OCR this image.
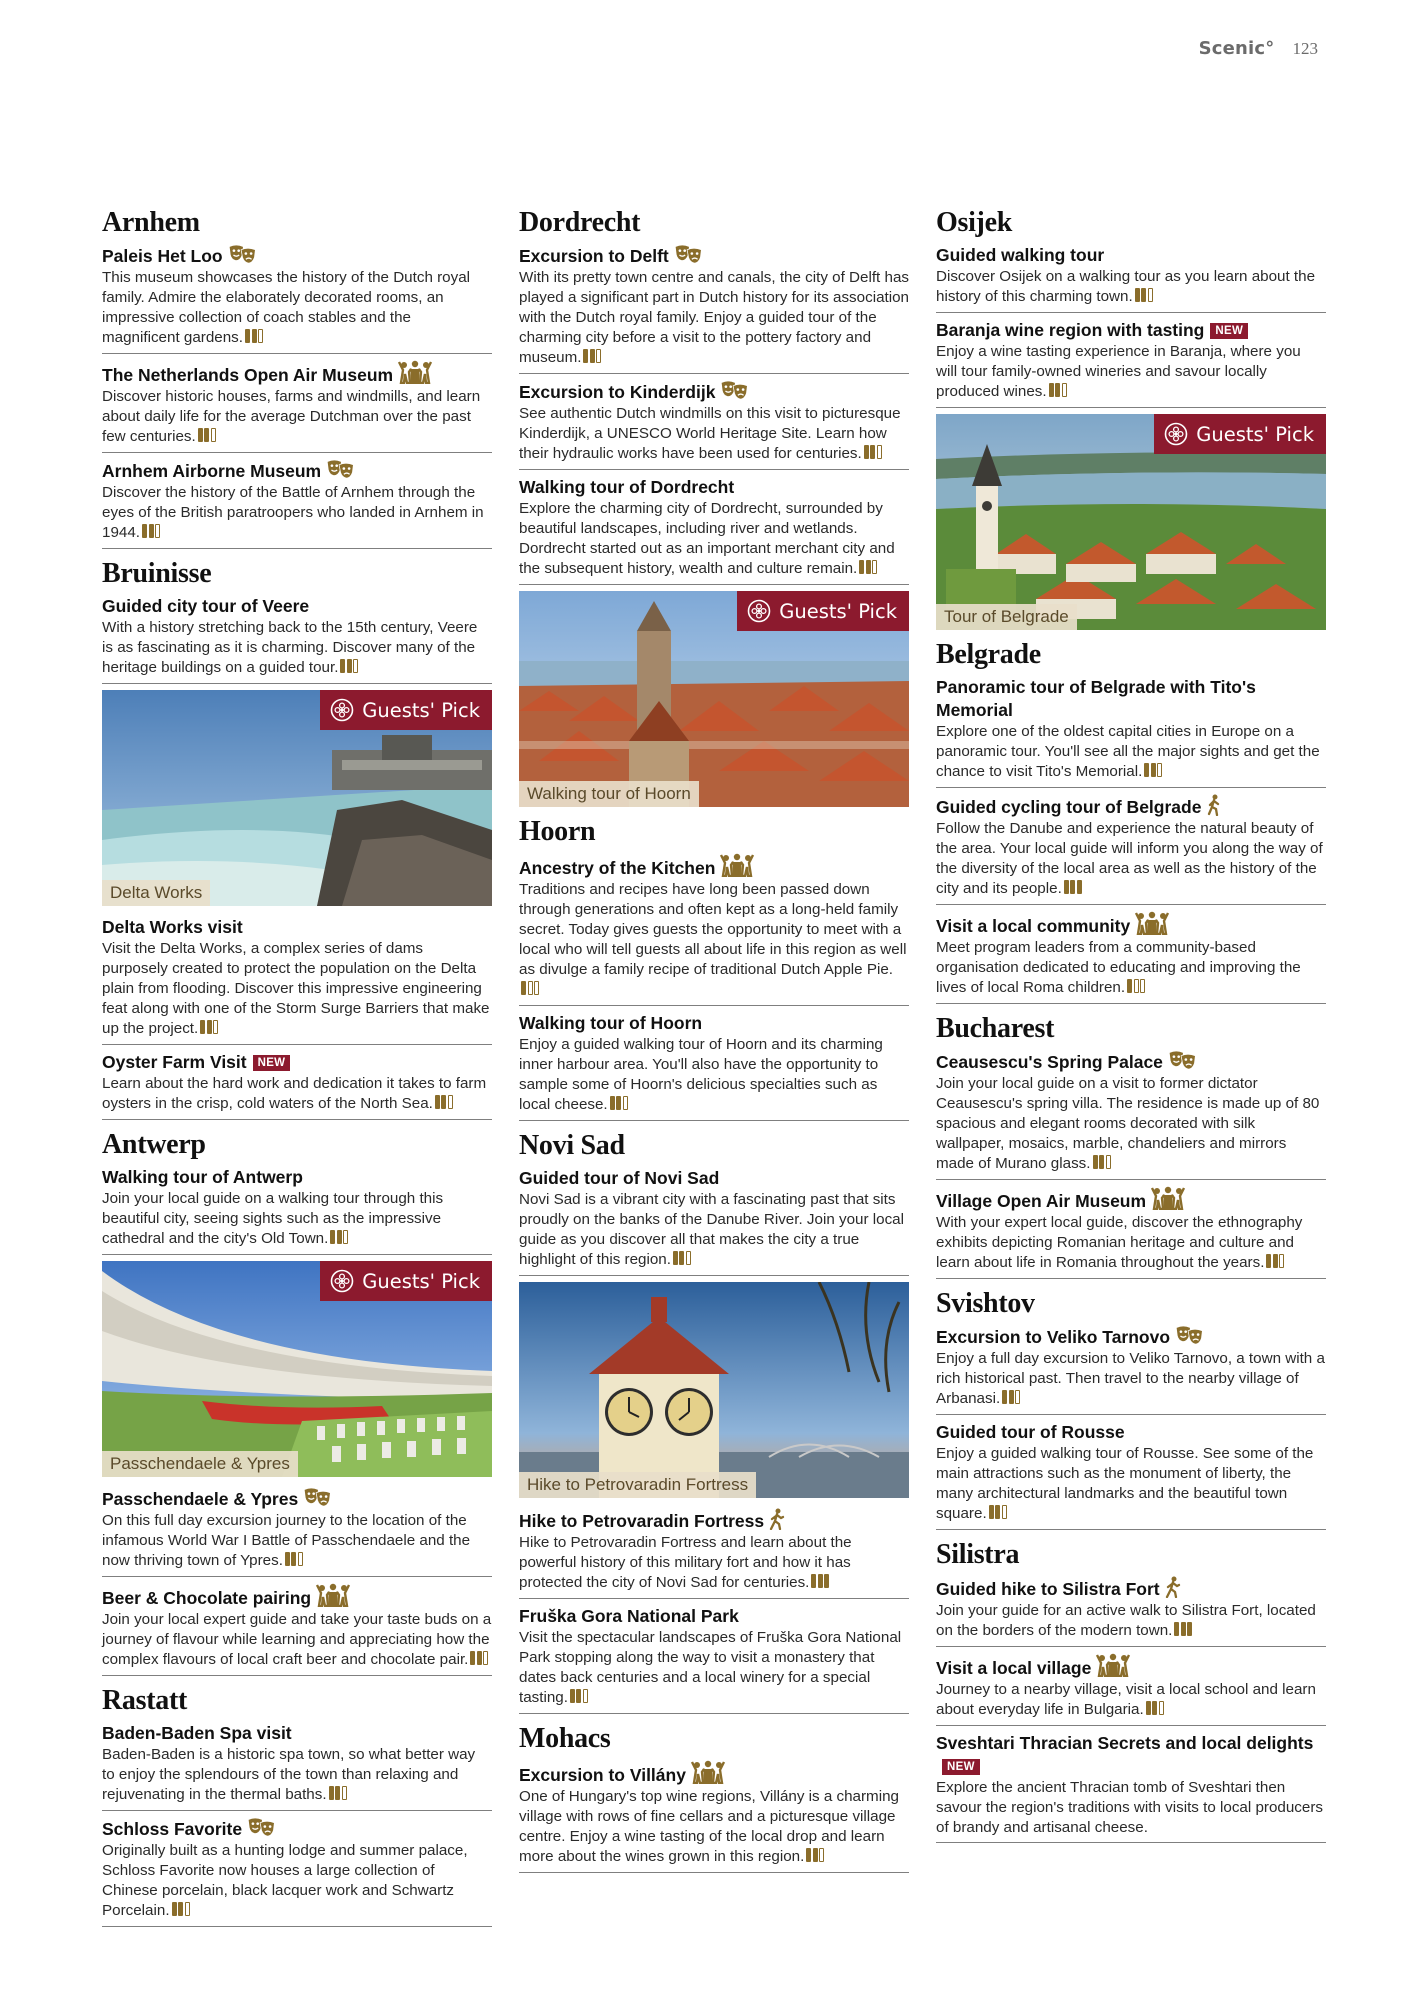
Scenic° 123
Arnhem
Paleis Het Loo
This museum showcases the history of the Dutch royal family. Admire the elaborately decorated rooms, an impressive collection of coach stables and the magnificent gardens.
The Netherlands Open Air Museum
Discover historic houses, farms and windmills, and learn about daily life for the average Dutchman over the past few centuries.
Arnhem Airborne Museum
Discover the history of the Battle of Arnhem through the eyes of the British paratroopers who landed in Arnhem in 1944.
Bruinisse
Guided city tour of Veere
With a history stretching back to the 15th century, Veere is as fascinating as it is charming. Discover many of the heritage buildings on a guided tour.
Guests' Pick
Delta Works
Delta Works visit
Visit the Delta Works, a complex series of dams purposely created to protect the population on the Delta plain from flooding. Discover this impressive engineering feat along with one of the Storm Surge Barriers that make up the project.
Oyster Farm Visit NEW
Learn about the hard work and dedication it takes to farm oysters in the crisp, cold waters of the North Sea.
Antwerp
Walking tour of Antwerp
Join your local guide on a walking tour through this beautiful city, seeing sights such as the impressive cathedral and the city's Old Town.
Guests' Pick
Passchendaele & Ypres
Passchendaele & Ypres
On this full day excursion journey to the location of the infamous World War I Battle of Passchendaele and the now thriving town of Ypres.
Beer & Chocolate pairing
Join your local expert guide and take your taste buds on a journey of flavour while learning and appreciating how the complex flavours of local craft beer and chocolate pair.
Rastatt
Baden-Baden Spa visit
Baden-Baden is a historic spa town, so what better way to enjoy the splendours of the town than relaxing and rejuvenating in the thermal baths.
Schloss Favorite
Originally built as a hunting lodge and summer palace, Schloss Favorite now houses a large collection of Chinese porcelain, black lacquer work and Schwartz Porcelain.
Dordrecht
Excursion to Delft
With its pretty town centre and canals, the city of Delft has played a significant part in Dutch history for its association with the Dutch royal family. Enjoy a guided tour of the charming city before a visit to the pottery factory and museum.
Excursion to Kinderdijk
See authentic Dutch windmills on this visit to picturesque Kinderdijk, a UNESCO World Heritage Site. Learn how their hydraulic works have been used for centuries.
Walking tour of Dordrecht
Explore the charming city of Dordrecht, surrounded by beautiful landscapes, including river and wetlands. Dordrecht started out as an important merchant city and the subsequent history, wealth and culture remain.
Guests' Pick
Walking tour of Hoorn
Hoorn
Ancestry of the Kitchen
Traditions and recipes have long been passed down through generations and often kept as a long-held family secret. Today gives guests the opportunity to meet with a local who will tell guests all about life in this region as well as divulge a family recipe of traditional Dutch Apple Pie.
Walking tour of Hoorn
Enjoy a guided walking tour of Hoorn and its charming inner harbour area. You'll also have the opportunity to sample some of Hoorn's delicious specialties such as local cheese.
Novi Sad
Guided tour of Novi Sad
Novi Sad is a vibrant city with a fascinating past that sits proudly on the banks of the Danube River. Join your local guide as you discover all that makes the city a true highlight of this region.
Hike to Petrovaradin Fortress
Hike to Petrovaradin Fortress
Hike to Petrovaradin Fortress and learn about the powerful history of this military fort and how it has protected the city of Novi Sad for centuries.
Fruška Gora National Park
Visit the spectacular landscapes of Fruška Gora National Park stopping along the way to visit a monastery that dates back centuries and a local winery for a special tasting.
Mohacs
Excursion to Villány
One of Hungary's top wine regions, Villány is a charming village with rows of fine cellars and a picturesque village centre. Enjoy a wine tasting of the local drop and learn more about the wines grown in this region.
Osijek
Guided walking tour
Discover Osijek on a walking tour as you learn about the history of this charming town.
Baranja wine region with tasting NEW
Enjoy a wine tasting experience in Baranja, where you will tour family-owned wineries and savour locally produced wines.
Guests' Pick
Tour of Belgrade
Belgrade
Panoramic tour of Belgrade with Tito's Memorial
Explore one of the oldest capital cities in Europe on a panoramic tour. You'll see all the major sights and get the chance to visit Tito's Memorial.
Guided cycling tour of Belgrade
Follow the Danube and experience the natural beauty of the area. Your local guide will inform you along the way of the diversity of the local area as well as the history of the city and its people.
Visit a local community
Meet program leaders from a community-based organisation dedicated to educating and improving the lives of local Roma children.
Bucharest
Ceausescu's Spring Palace
Join your local guide on a visit to former dictator Ceausescu's spring villa. The residence is made up of 80 spacious and elegant rooms decorated with silk wallpaper, mosaics, marble, chandeliers and mirrors made of Murano glass.
Village Open Air Museum
With your expert local guide, discover the ethnography exhibits depicting Romanian heritage and culture and learn about life in Romania throughout the years.
Svishtov
Excursion to Veliko Tarnovo
Enjoy a full day excursion to Veliko Tarnovo, a town with a rich historical past. Then travel to the nearby village of Arbanasi.
Guided tour of Rousse
Enjoy a guided walking tour of Rousse. See some of the main attractions such as the monument of liberty, the many architectural landmarks and the beautiful town square.
Silistra
Guided hike to Silistra Fort
Join your guide for an active walk to Silistra Fort, located on the borders of the modern town.
Visit a local village
Journey to a nearby village, visit a local school and learn about everyday life in Bulgaria.
Sveshtari Thracian Secrets and local delightsNEW
Explore the ancient Thracian tomb of Sveshtari then savour the region's traditions with visits to local producers of brandy and artisanal cheese.
